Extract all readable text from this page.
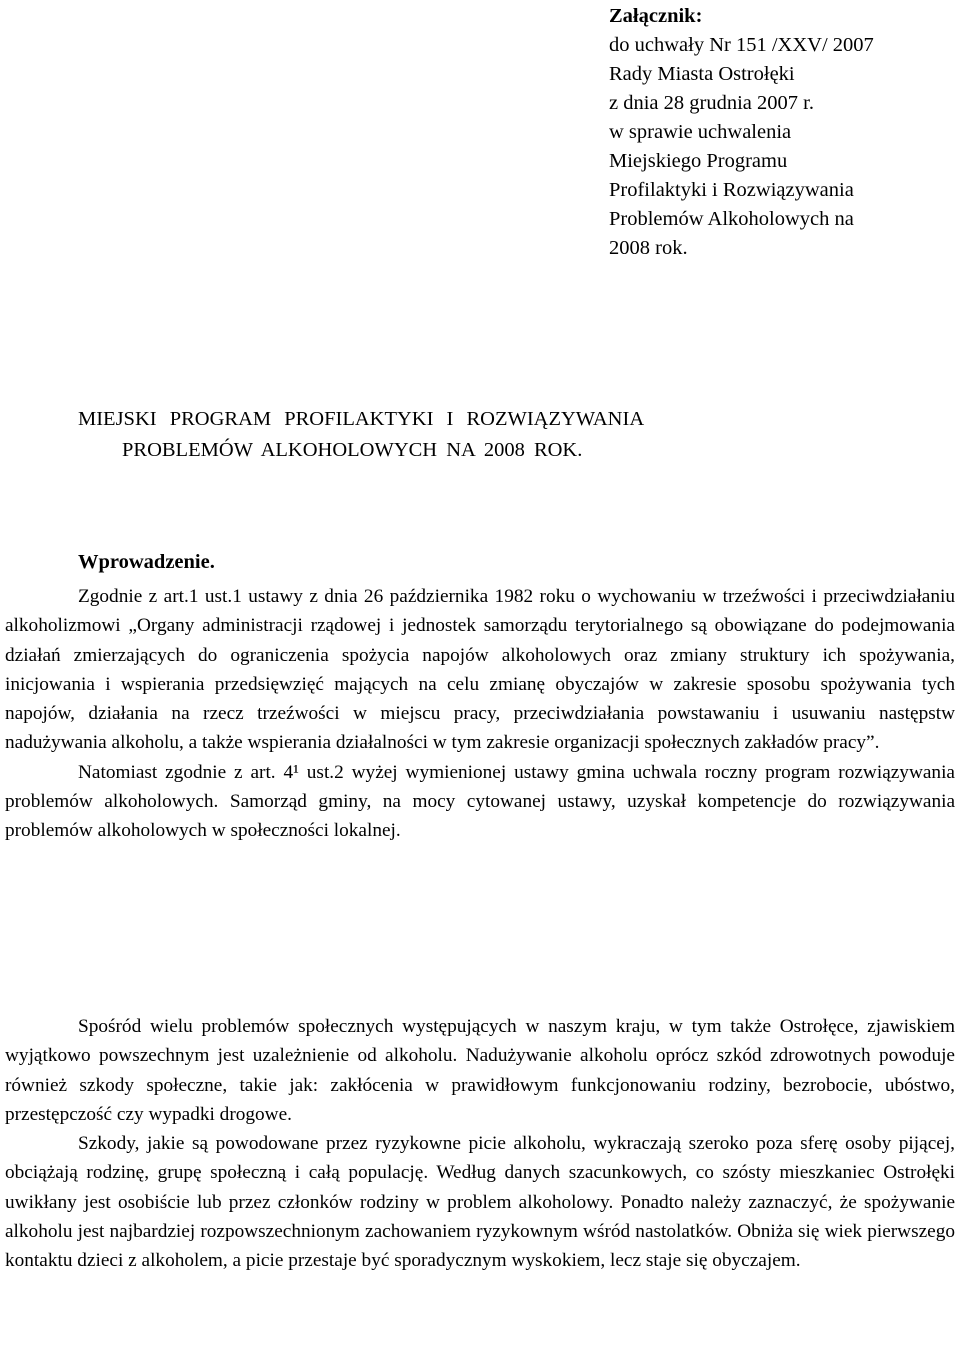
Załącznik:
do uchwały Nr 151 /XXV/ 2007
Rady Miasta Ostrołęki
z dnia 28 grudnia 2007 r.
w sprawie uchwalenia
Miejskiego Programu
Profilaktyki i Rozwiązywania
Problemów Alkoholowych na
2008 rok.
MIEJSKI PROGRAM PROFILAKTYKI I ROZWIĄZYWANIA
PROBLEMÓW ALKOHOLOWYCH NA 2008 ROK.
Wprowadzenie.

Zgodnie z art.1 ust.1 ustawy z dnia 26 października 1982 roku o wychowaniu w trzeźwości i przeciwdziałaniu alkoholizmowi „Organy administracji rządowej i jednostek samorządu terytorialnego są obowiązane do podejmowania działań zmierzających do ograniczenia spożycia napojów alkoholowych oraz zmiany struktury ich spożywania, inicjowania i wspierania przedsięwzięć mających na celu zmianę obyczajów w zakresie sposobu spożywania tych napojów, działania na rzecz trzeźwości w miejscu pracy, przeciwdziałania powstawaniu i usuwaniu następstw nadużywania alkoholu, a także wspierania działalności w tym zakresie organizacji społecznych zakładów pracy”.

Natomiast zgodnie z art. 4¹ ust.2 wyżej wymienionej ustawy gmina uchwala roczny program rozwiązywania problemów alkoholowych. Samorząd gminy, na mocy cytowanej ustawy, uzyskał kompetencje do rozwiązywania problemów alkoholowych w społeczności lokalnej.

Spośród wielu problemów społecznych występujących w naszym kraju, w tym także Ostrołęce, zjawiskiem wyjątkowo powszechnym jest uzależnienie od alkoholu. Nadużywanie alkoholu oprócz szkód zdrowotnych powoduje również szkody społeczne, takie jak: zakłócenia w prawidłowym funkcjonowaniu rodziny, bezrobocie, ubóstwo, przestępczość czy wypadki drogowe.

Szkody, jakie są powodowane przez ryzykowne picie alkoholu, wykraczają szeroko poza sferę osoby pijącej, obciążają rodzinę, grupę społeczną i całą populację. Według danych szacunkowych, co szósty mieszkaniec Ostrołęki uwikłany jest osobiście lub przez członków rodziny w problem alkoholowy. Ponadto należy zaznaczyć, że spożywanie alkoholu jest najbardziej rozpowszechnionym zachowaniem ryzykownym wśród nastolatków. Obniża się wiek pierwszego kontaktu dzieci z alkoholem, a picie przestaje być sporadycznym wyskokiem, lecz staje się obyczajem.
